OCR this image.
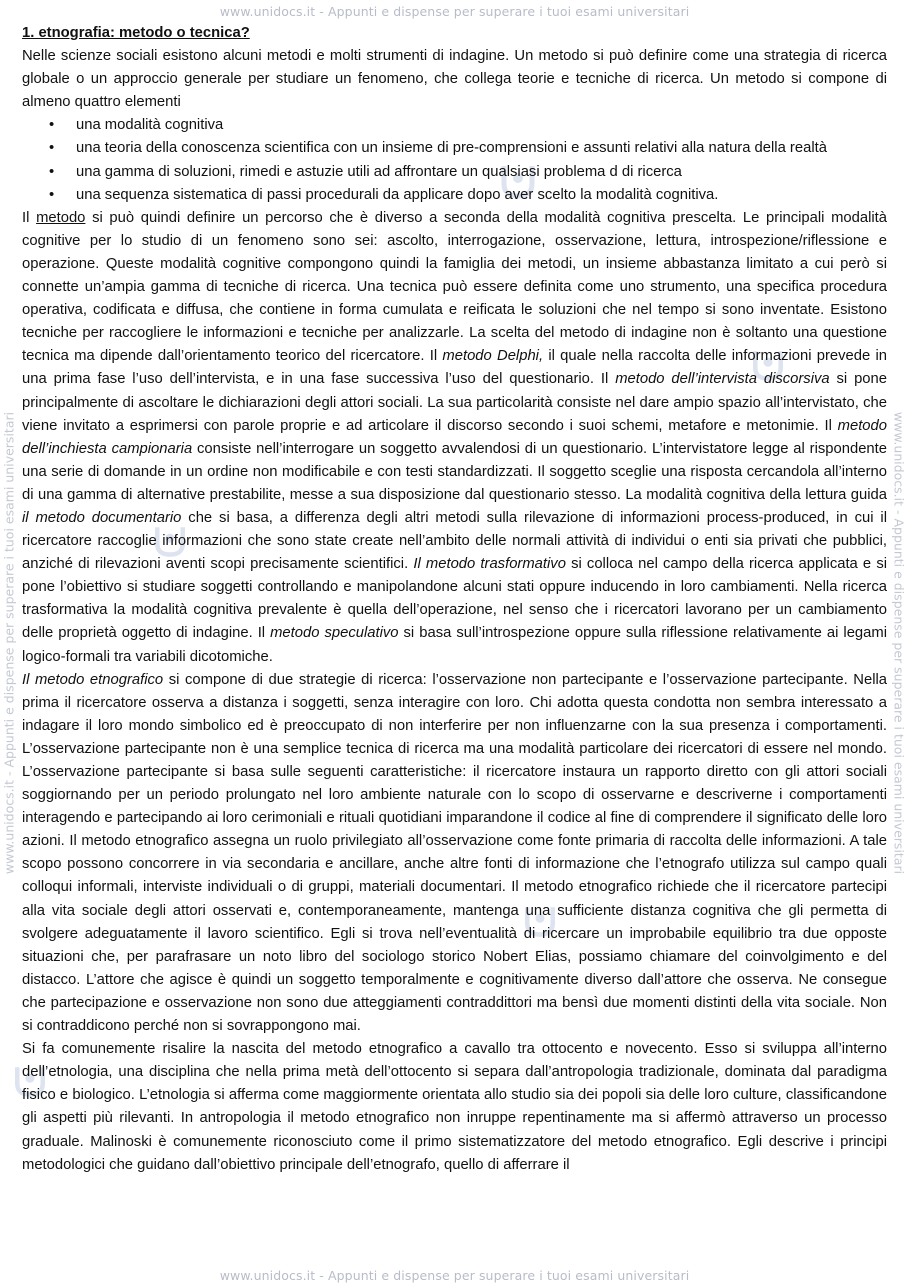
www.unidocs.it - Appunti e dispense per superare i tuoi esami universitari
www.unidocs.it - Appunti e dispense per superare i tuoi esami universitari
www.unidocs.it - Appunti e dispense per superare i tuoi esami universitari	www.unidocs.it - Appunti e dispense per superare i tuoi esami universitari
1. etnografia: metodo o tecnica?

Nelle scienze sociali esistono alcuni metodi e molti strumenti di indagine. Un metodo si può definire come una strategia di ricerca globale o un approccio generale per studiare un fenomeno, che collega teorie e tecniche di ricerca. Un metodo si compone di almeno quattro elementi

• una modalità cognitiva
• una teoria della conoscenza scientifica con un insieme di pre-comprensioni e assunti relativi alla natura della realtà
• una gamma di soluzioni, rimedi e astuzie utili ad affrontare un qualsiasi problema d di ricerca
• una sequenza sistematica di passi procedurali da applicare dopo aver scelto la modalità cognitiva.

Il metodo si può quindi definire un percorso che è diverso a seconda della modalità cognitiva prescelta. Le principali modalità cognitive per lo studio di un fenomeno sono sei: ascolto, interrogazione, osservazione, lettura, introspezione/riflessione e operazione. Queste modalità cognitive compongono quindi la famiglia dei metodi, un insieme abbastanza limitato a cui però si connette un’ampia gamma di tecniche di ricerca. Una tecnica può essere definita come uno strumento, una specifica procedura operativa, codificata e diffusa, che contiene in forma cumulata e reificata le soluzioni che nel tempo si sono inventate. Esistono tecniche per raccogliere le informazioni e tecniche per analizzarle. La scelta del metodo di indagine non è soltanto una questione tecnica ma dipende dall’orientamento teorico del ricercatore. Il metodo Delphi, il quale nella raccolta delle informazioni prevede in una prima fase l’uso dell’intervista, e in una fase successiva l’uso del questionario. Il metodo dell’intervista discorsiva si pone principalmente di ascoltare le dichiarazioni degli attori sociali. La sua particolarità consiste nel dare ampio spazio all’intervistato, che viene invitato a esprimersi con parole proprie e ad articolare il discorso secondo i suoi schemi, metafore e metonimie. Il metodo dell’inchiesta campionaria consiste nell’interrogare un soggetto avvalendosi di un questionario. L’intervistatore legge al rispondente una serie di domande in un ordine non modificabile e con testi standardizzati. Il soggetto sceglie una risposta cercandola all’interno di una gamma di alternative prestabilite, messe a sua disposizione dal questionario stesso. La modalità cognitiva della lettura guida il metodo documentario che si basa, a differenza degli altri metodi sulla rilevazione di informazioni process-produced, in cui il ricercatore raccoglie informazioni che sono state create nell’ambito delle normali attività di individui o enti sia privati che pubblici, anziché di rilevazioni aventi scopi precisamente scientifici. Il metodo trasformativo si colloca nel campo della ricerca applicata e si pone l’obiettivo si studiare soggetti controllando e manipolandone alcuni stati oppure inducendo in loro cambiamenti. Nella ricerca trasformativa la modalità cognitiva prevalente è quella dell’operazione, nel senso che i ricercatori lavorano per un cambiamento delle proprietà oggetto di indagine. Il metodo speculativo si basa sull’introspezione oppure sulla riflessione relativamente ai legami logico-formali tra variabili dicotomiche.

Il metodo etnografico si compone di due strategie di ricerca: l’osservazione non partecipante e l’osservazione partecipante. Nella prima il ricercatore osserva a distanza i soggetti, senza interagire con loro. Chi adotta questa condotta non sembra interessato a indagare il loro mondo simbolico ed è preoccupato di non interferire per non influenzarne con la sua presenza i comportamenti. L’osservazione partecipante non è una semplice tecnica di ricerca ma una modalità particolare dei ricercatori di essere nel mondo. L’osservazione partecipante si basa sulle seguenti caratteristiche: il ricercatore instaura un rapporto diretto con gli attori sociali soggiornando per un periodo prolungato nel loro ambiente naturale con lo scopo di osservarne e descriverne i comportamenti interagendo e partecipando ai loro cerimoniali e rituali quotidiani imparandone il codice al fine di comprendere il significato delle loro azioni. Il metodo etnografico assegna un ruolo privilegiato all’osservazione come fonte primaria di raccolta delle informazioni. A tale scopo possono concorrere in via secondaria e ancillare, anche altre fonti di informazione che l’etnografo utilizza sul campo quali colloqui informali, interviste individuali o di gruppi, materiali documentari. Il metodo etnografico richiede che il ricercatore partecipi alla vita sociale degli attori osservati e, contemporaneamente, mantenga una sufficiente distanza cognitiva che gli permetta di svolgere adeguatamente il lavoro scientifico. Egli si trova nell’eventualità di ricercare un improbabile equilibrio tra due opposte situazioni che, per parafrasare un noto libro del sociologo storico Nobert Elias, possiamo chiamare del coinvolgimento e del distacco. L’attore che agisce è quindi un soggetto temporalmente e cognitivamente diverso dall’attore che osserva. Ne consegue che partecipazione e osservazione non sono due atteggiamenti contraddittori ma bensì due momenti distinti della vita sociale. Non si contraddicono perché non si sovrappongono mai.

Si fa comunemente risalire la nascita del metodo etnografico a cavallo tra ottocento e novecento. Esso si sviluppa all’interno dell’etnologia, una disciplina che nella prima metà dell’ottocento si separa dall’antropologia tradizionale, dominata dal paradigma fisico e biologico. L’etnologia si afferma come maggiormente orientata allo studio sia dei popoli sia delle loro culture, classificandone gli aspetti più rilevanti. In antropologia il metodo etnografico non inruppe repentinamente ma si affermò attraverso un processo graduale. Malinoski è comunemente riconosciuto come il primo sistematizzatore del metodo etnografico. Egli descrive i principi metodologici che guidano dall’obiettivo principale dell’etnografo, quello di afferrare il
